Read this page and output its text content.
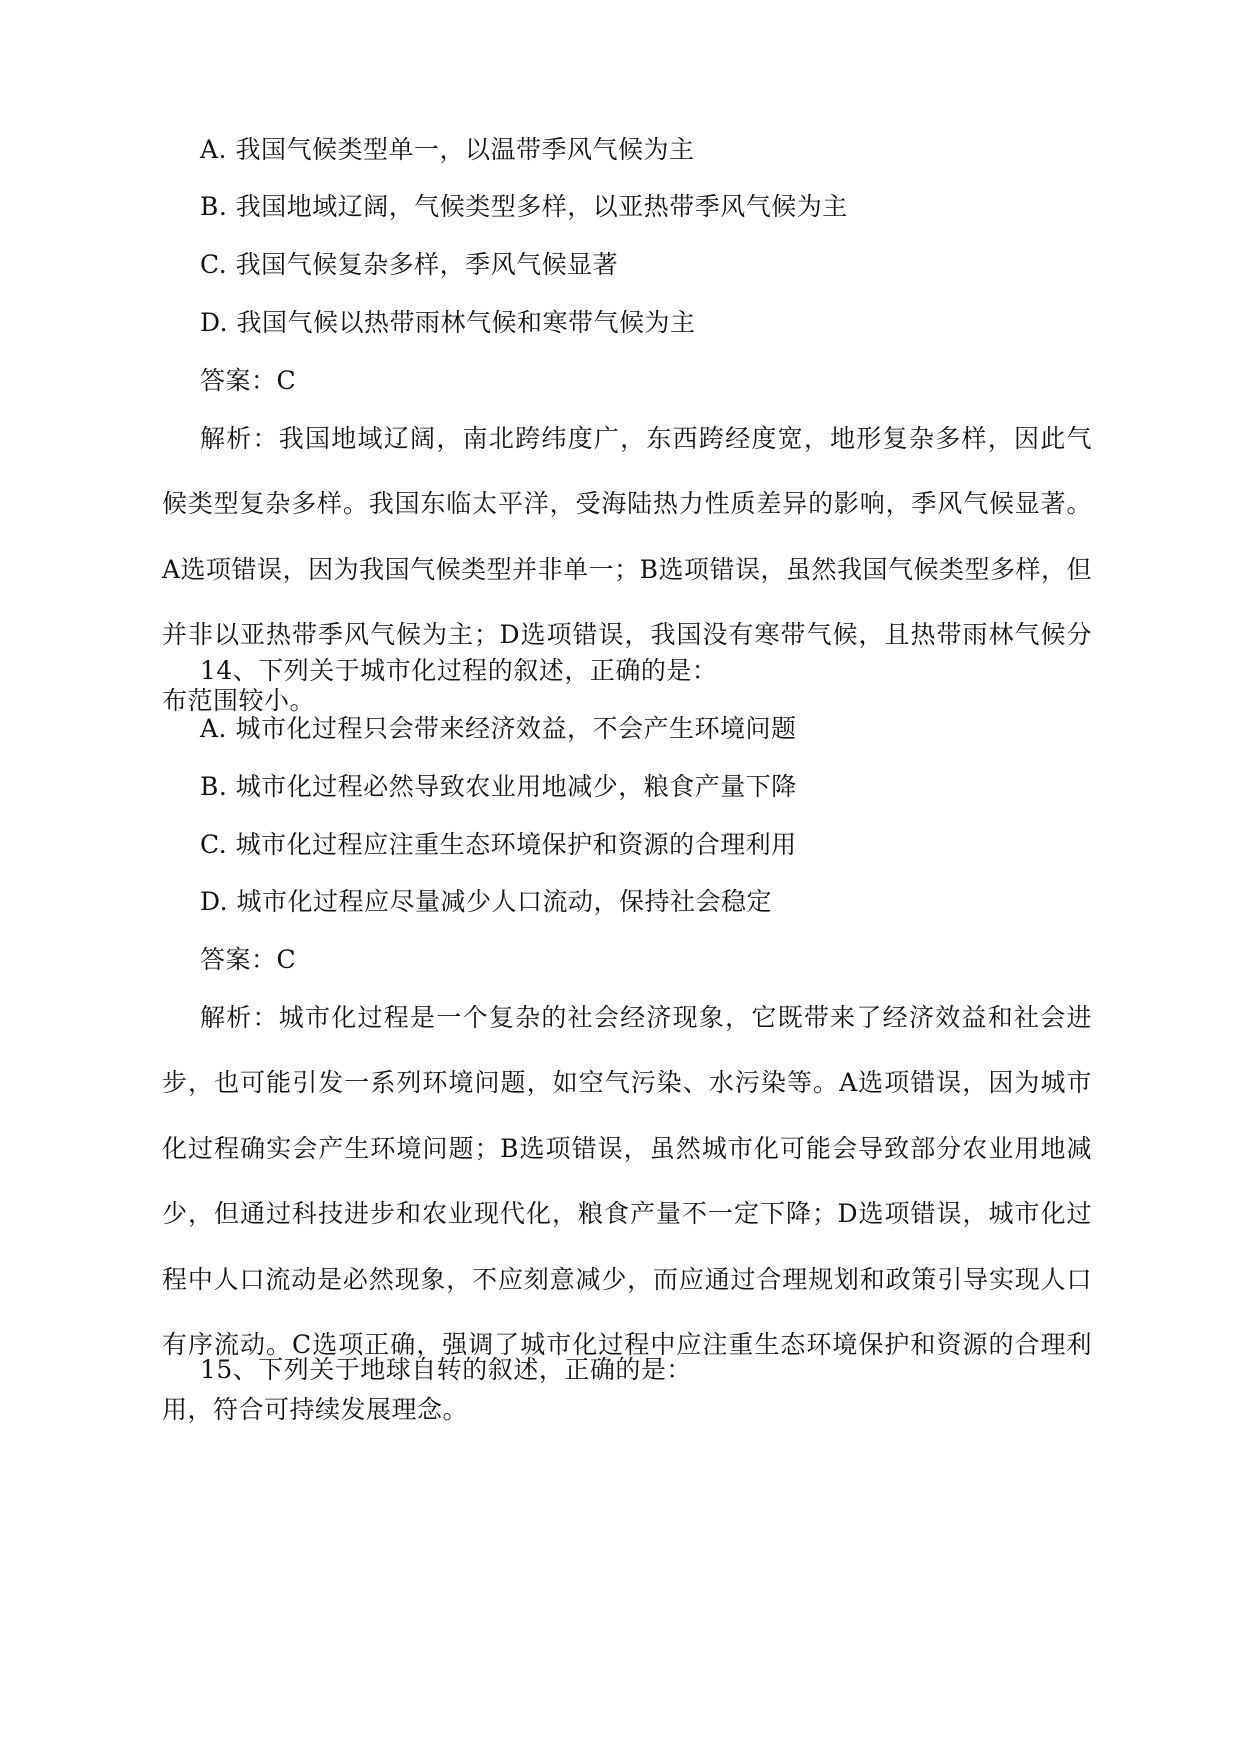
A. 我国气候类型单一，以温带季风气候为主
B. 我国地域辽阔，气候类型多样，以亚热带季风气候为主
C. 我国气候复杂多样，季风气候显著
D. 我国气候以热带雨林气候和寒带气候为主
答案：C
解析：我国地域辽阔，南北跨纬度广，东西跨经度宽，地形复杂多样，因此气候类型复杂多样。我国东临太平洋，受海陆热力性质差异的影响，季风气候显著。A选项错误，因为我国气候类型并非单一；B选项错误，虽然我国气候类型多样，但并非以亚热带季风气候为主；D选项错误，我国没有寒带气候，且热带雨林气候分布范围较小。
14、下列关于城市化过程的叙述，正确的是：
A. 城市化过程只会带来经济效益，不会产生环境问题
B. 城市化过程必然导致农业用地减少，粮食产量下降
C. 城市化过程应注重生态环境保护和资源的合理利用
D. 城市化过程应尽量减少人口流动，保持社会稳定
答案：C
解析：城市化过程是一个复杂的社会经济现象，它既带来了经济效益和社会进步，也可能引发一系列环境问题，如空气污染、水污染等。A选项错误，因为城市化过程确实会产生环境问题；B选项错误，虽然城市化可能会导致部分农业用地减少，但通过科技进步和农业现代化，粮食产量不一定下降；D选项错误，城市化过程中人口流动是必然现象，不应刻意减少，而应通过合理规划和政策引导实现人口有序流动。C选项正确，强调了城市化过程中应注重生态环境保护和资源的合理利用，符合可持续发展理念。
15、下列关于地球自转的叙述，正确的是：
